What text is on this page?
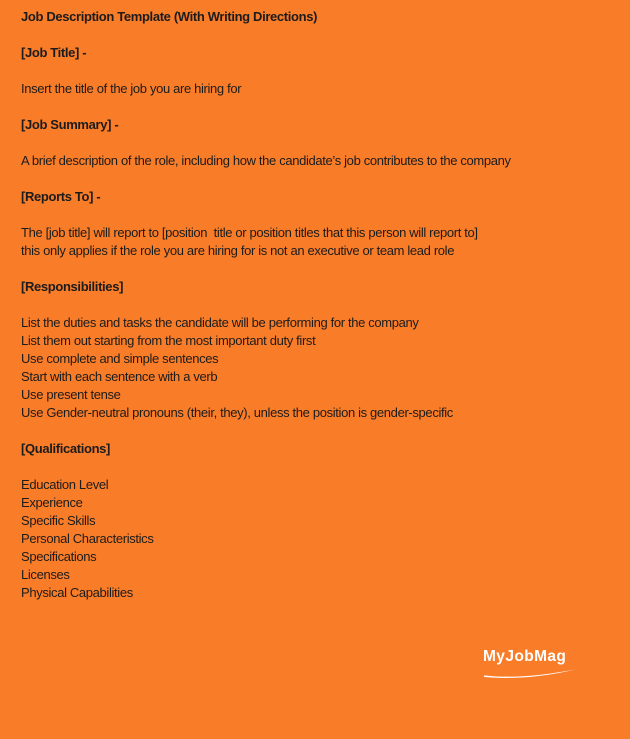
Job Description Template (With Writing Directions)

[Job Title] -

Insert the title of the job you are hiring for

[Job Summary] -

A brief description of the role, including how the candidate’s job contributes to the company

[Reports To] -

The [job title] will report to [position  title or position titles that this person will report to]

this only applies if the role you are hiring for is not an executive or team lead role

[Responsibilities]

List the duties and tasks the candidate will be performing for the company

List them out starting from the most important duty first

Use complete and simple sentences

Start with each sentence with a verb

Use present tense

Use Gender-neutral pronouns (their, they), unless the position is gender-specific

[Qualifications]

Education Level

Experience

Specific Skills

Personal Characteristics

Specifications

Licenses

Physical Capabilities

MyJobMag
